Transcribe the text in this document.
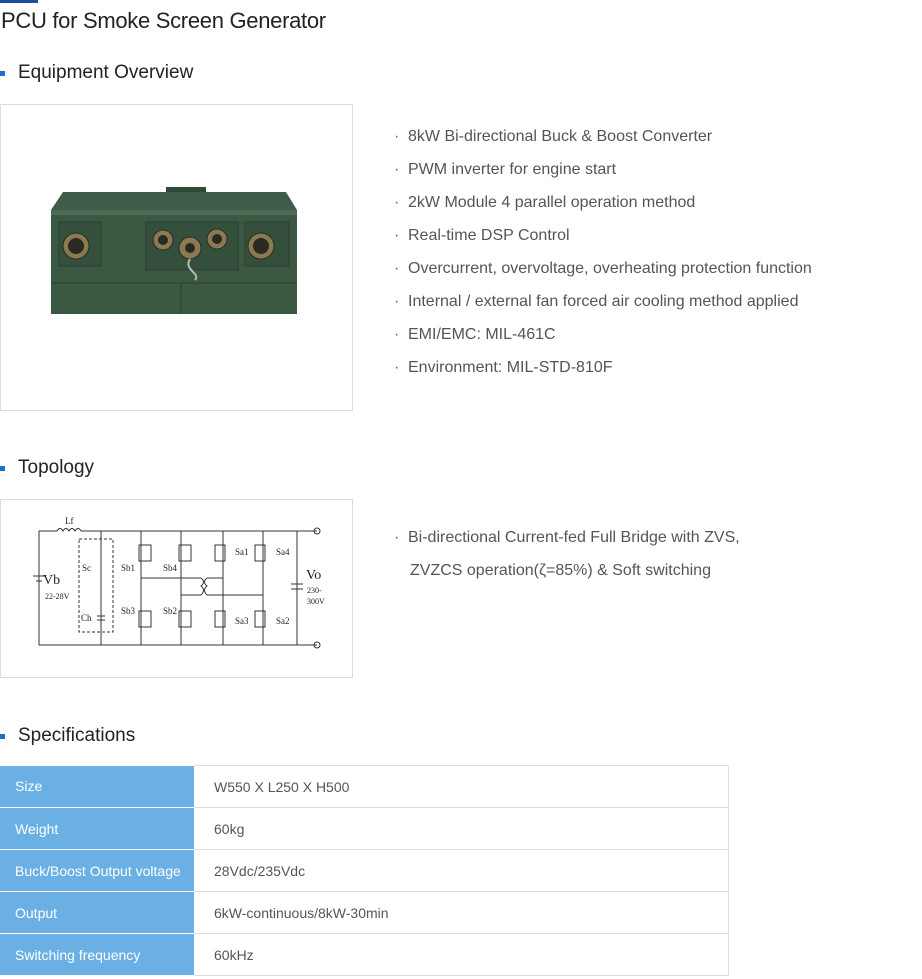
PCU for Smoke Screen Generator
Equipment Overview
· 8kW Bi-directional Buck & Boost Converter
· PWM inverter for engine start
· 2kW Module 4 parallel operation method
· Real-time DSP Control
· Overcurrent, overvoltage, overheating protection function
· Internal / external fan forced air cooling method applied
· EMI/EMC: MIL-461C
· Environment: MIL-STD-810F
Topology
Lf
Vb
22-28V
Sc
Ch
Sb1	Sb4
Sb3	Sb2
Sa1	Sa4
Sa3	Sa2
Vo
230-
300V
· Bi-directional Current-fed Full Bridge with ZVS,
ZVZCS operation(ζ=85%) & Soft switching
Specifications
Size	W550 X L250 X H500
Weight	60kg
Buck/Boost Output voltage	28Vdc/235Vdc
Output	6kW-continuous/8kW-30min
Switching frequency	60kHz
